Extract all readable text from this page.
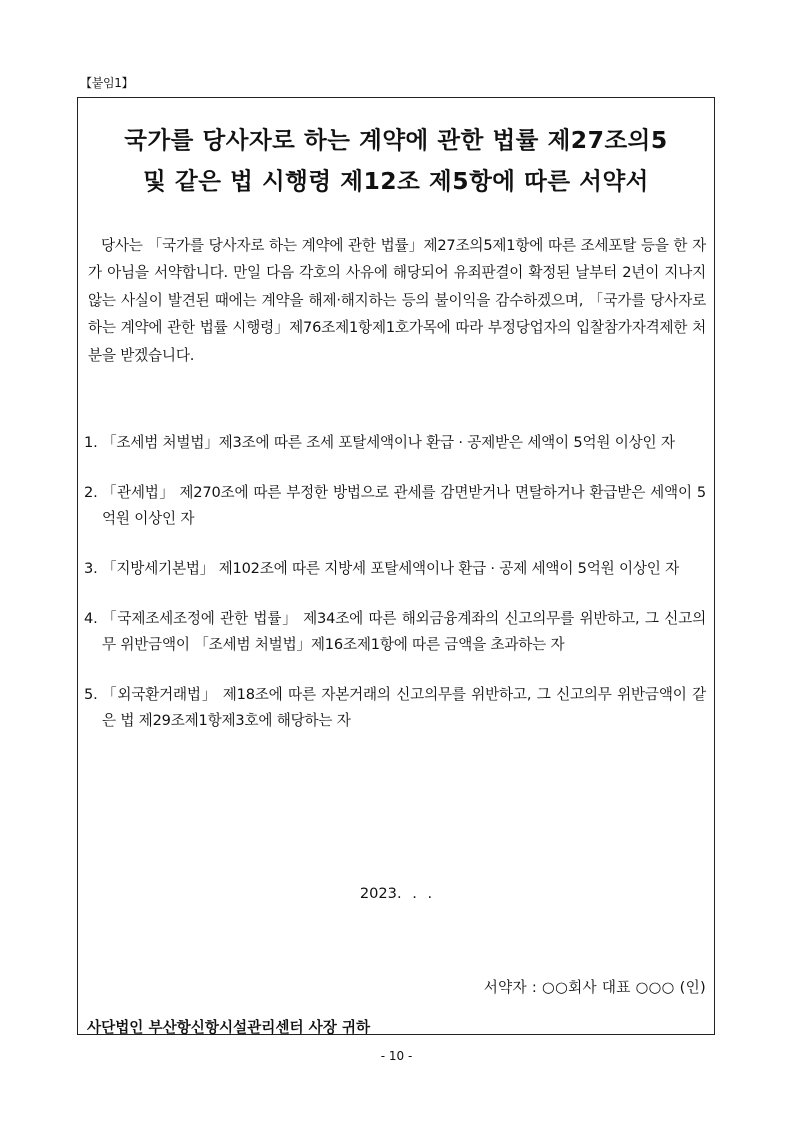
【붙임1】
국가를 당사자로 하는 계약에 관한 법률 제27조의5
및 같은 법 시행령 제12조 제5항에 따른 서약서

당사는 「국가를 당사자로 하는 계약에 관한 법률」제27조의5제1항에 따른 조세포탈 등을 한 자가 아님을 서약합니다. 만일 다음 각호의 사유에 해당되어 유죄판결이 확정된 날부터 2년이 지나지 않는 사실이 발견된 때에는 계약을 해제‧해지하는 등의 불이익을 감수하겠으며, 「국가를 당사자로 하는 계약에 관한 법률 시행령」제76조제1항제1호가목에 따라 부정당업자의 입찰참가자격제한 처분을 받겠습니다.

1. 「조세범 처벌법」제3조에 따른 조세 포탈세액이나 환급 · 공제받은 세액이 5억원 이상인 자
2. 「관세법」 제270조에 따른 부정한 방법으로 관세를 감면받거나 면탈하거나 환급받은 세액이 5억원 이상인 자
3. 「지방세기본법」 제102조에 따른 지방세 포탈세액이나 환급 · 공제 세액이 5억원 이상인 자
4. 「국제조세조정에 관한 법률」 제34조에 따른 해외금융계좌의 신고의무를 위반하고, 그 신고의무 위반금액이 「조세범 처벌법」제16조제1항에 따른 금액을 초과하는 자
5. 「외국환거래법」 제18조에 따른 자본거래의 신고의무를 위반하고, 그 신고의무 위반금액이 같은 법 제29조제1항제3호에 해당하는 자
2023. . .
서약자 : ○○회사 대표 ○○○ (인)
사단법인 부산항신항시설관리센터 사장 귀하
- 10 -
